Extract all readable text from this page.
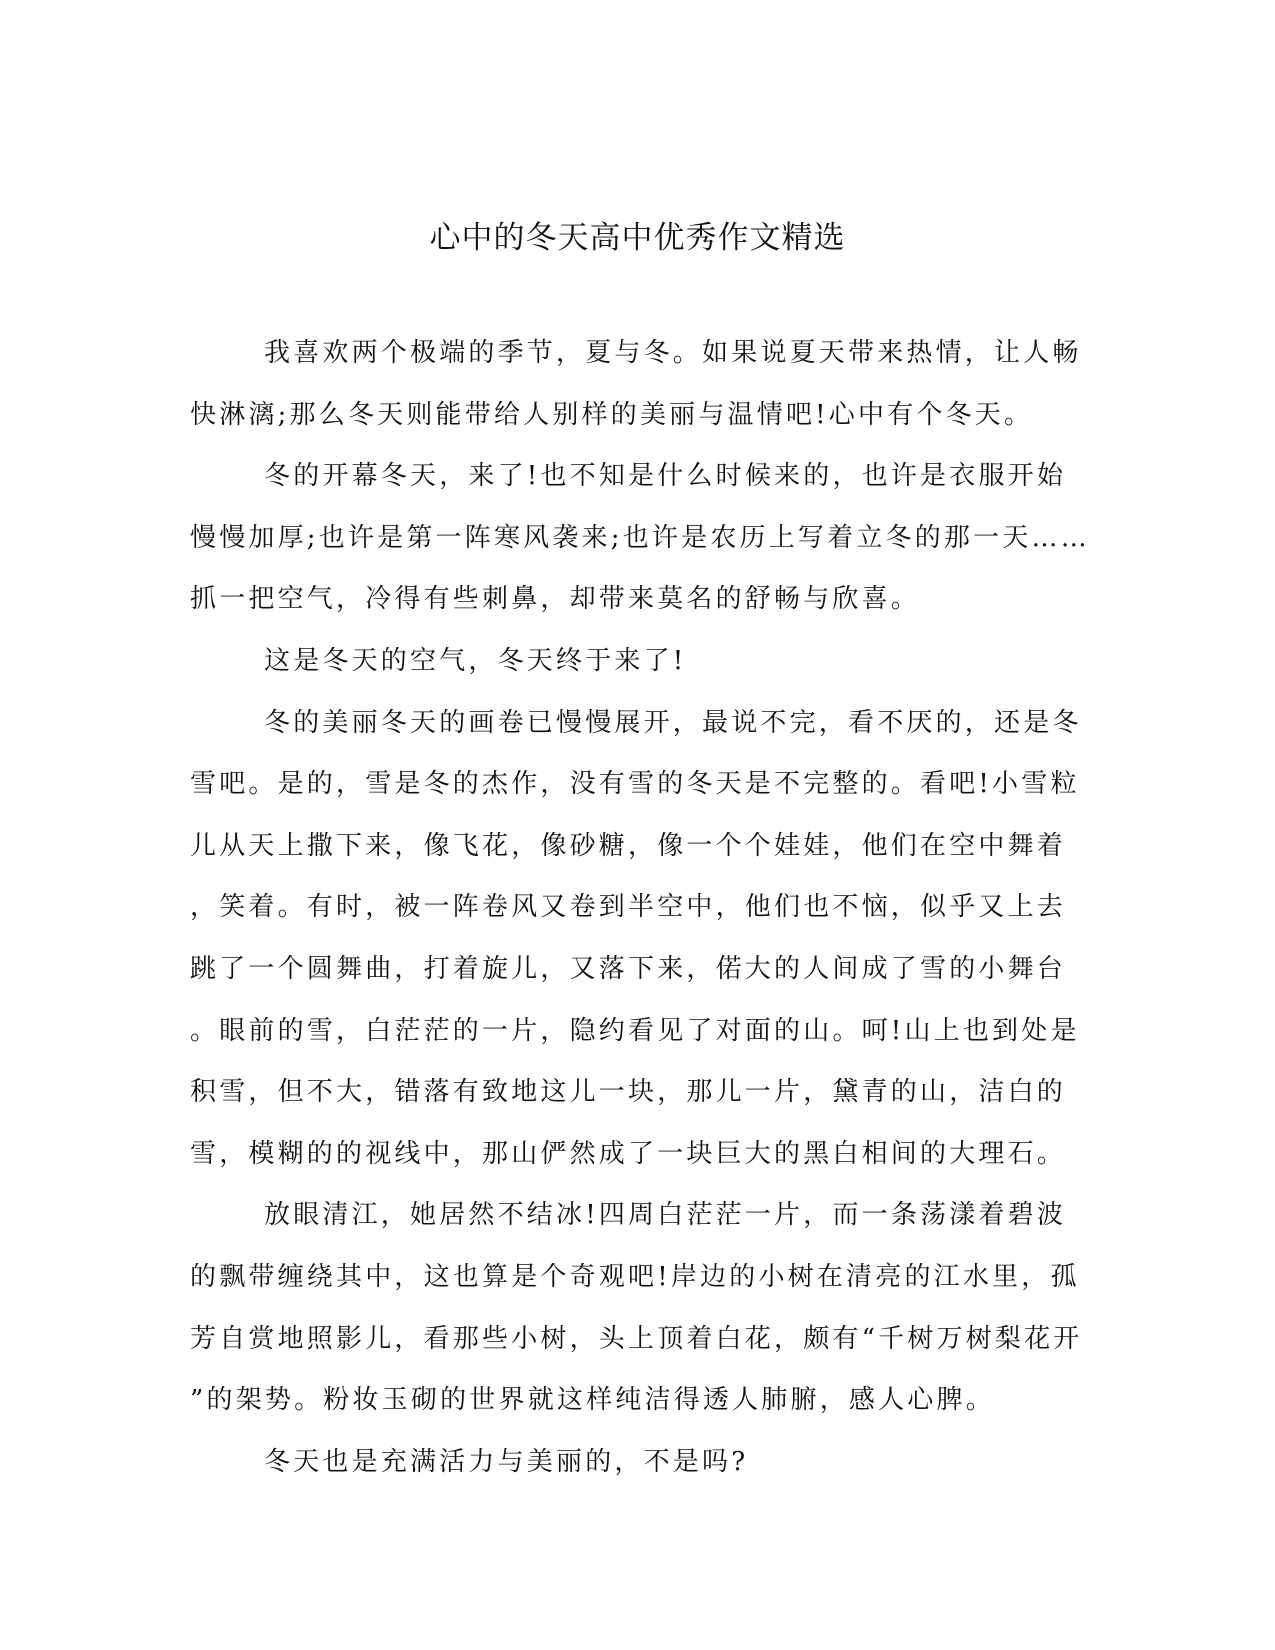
心中的冬天高中优秀作文精选
我喜欢两个极端的季节，夏与冬。如果说夏天带来热情，让人畅
快淋漓;那么冬天则能带给人别样的美丽与温情吧!心中有个冬天。
冬的开幕冬天，来了!也不知是什么时候来的，也许是衣服开始
慢慢加厚;也许是第一阵寒风袭来;也许是农历上写着立冬的那一天……
抓一把空气，冷得有些刺鼻，却带来莫名的舒畅与欣喜。
这是冬天的空气，冬天终于来了!
冬的美丽冬天的画卷已慢慢展开，最说不完，看不厌的，还是冬
雪吧。是的，雪是冬的杰作，没有雪的冬天是不完整的。看吧!小雪粒
儿从天上撒下来，像飞花，像砂糖，像一个个娃娃，他们在空中舞着
，笑着。有时，被一阵卷风又卷到半空中，他们也不恼，似乎又上去
跳了一个圆舞曲，打着旋儿，又落下来，偌大的人间成了雪的小舞台
。眼前的雪，白茫茫的一片，隐约看见了对面的山。呵!山上也到处是
积雪，但不大，错落有致地这儿一块，那儿一片，黛青的山，洁白的
雪，模糊的的视线中，那山俨然成了一块巨大的黑白相间的大理石。
放眼清江，她居然不结冰!四周白茫茫一片，而一条荡漾着碧波
的飘带缠绕其中，这也算是个奇观吧!岸边的小树在清亮的江水里，孤
芳自赏地照影儿，看那些小树，头上顶着白花，颇有“千树万树梨花开
”的架势。粉妆玉砌的世界就这样纯洁得透人肺腑，感人心脾。
冬天也是充满活力与美丽的，不是吗?
